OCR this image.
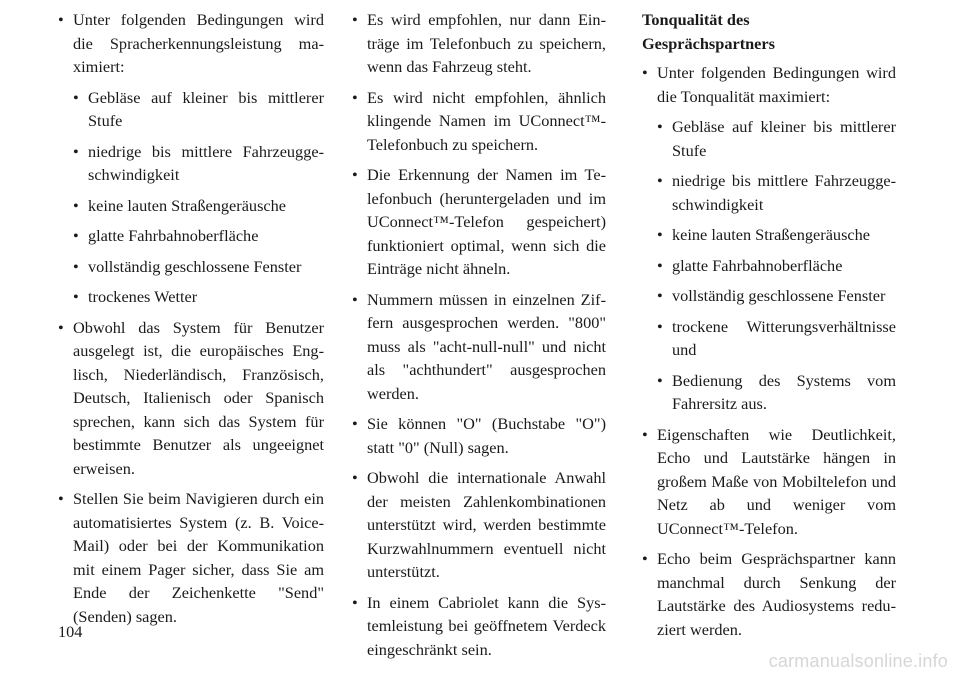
• Unter folgenden Bedingungen wird die Spracherkennungsleistung maximiert:
• Gebläse auf kleiner bis mittlerer Stufe
• niedrige bis mittlere Fahrzeuggeschwindigkeit
• keine lauten Straßengeräusche
• glatte Fahrbahnoberfläche
• vollständig geschlossene Fenster
• trockenes Wetter
• Obwohl das System für Benutzer ausgelegt ist, die europäisches Englisch, Niederländisch, Französisch, Deutsch, Italienisch oder Spanisch sprechen, kann sich das System für bestimmte Benutzer als ungeeignet erweisen.
• Stellen Sie beim Navigieren durch ein automatisiertes System (z. B. Voice-Mail) oder bei der Kommunikation mit einem Pager sicher, dass Sie am Ende der Zeichenkette "Send" (Senden) sagen.
• Es wird empfohlen, nur dann Einträge im Telefonbuch zu speichern, wenn das Fahrzeug steht.
• Es wird nicht empfohlen, ähnlich klingende Namen im UConnect™-Telefonbuch zu speichern.
• Die Erkennung der Namen im Telefonbuch (heruntergeladen und im UConnect™-Telefon gespeichert) funktioniert optimal, wenn sich die Einträge nicht ähneln.
• Nummern müssen in einzelnen Ziffern ausgesprochen werden. "800" muss als "acht-null-null" und nicht als "achthundert" ausgesprochen werden.
• Sie können "O" (Buchstabe "O") statt "0" (Null) sagen.
• Obwohl die internationale Anwahl der meisten Zahlenkombinationen unterstützt wird, werden bestimmte Kurzwahlnummern eventuell nicht unterstützt.
• In einem Cabriolet kann die Systemleistung bei geöffnetem Verdeck eingeschränkt sein.

Tonqualität des
Gesprächspartners

• Unter folgenden Bedingungen wird die Tonqualität maximiert:
• Gebläse auf kleiner bis mittlerer Stufe
• niedrige bis mittlere Fahrzeuggeschwindigkeit
• keine lauten Straßengeräusche
• glatte Fahrbahnoberfläche
• vollständig geschlossene Fenster
• trockene Witterungsverhältnisse und
• Bedienung des Systems vom Fahrersitz aus.
• Eigenschaften wie Deutlichkeit, Echo und Lautstärke hängen in großem Maße von Mobiltelefon und Netz ab und weniger vom UConnect™-Telefon.
• Echo beim Gesprächspartner kann manchmal durch Senkung der Lautstärke des Audiosystems reduziert werden.
104
carmanualsonline.info
